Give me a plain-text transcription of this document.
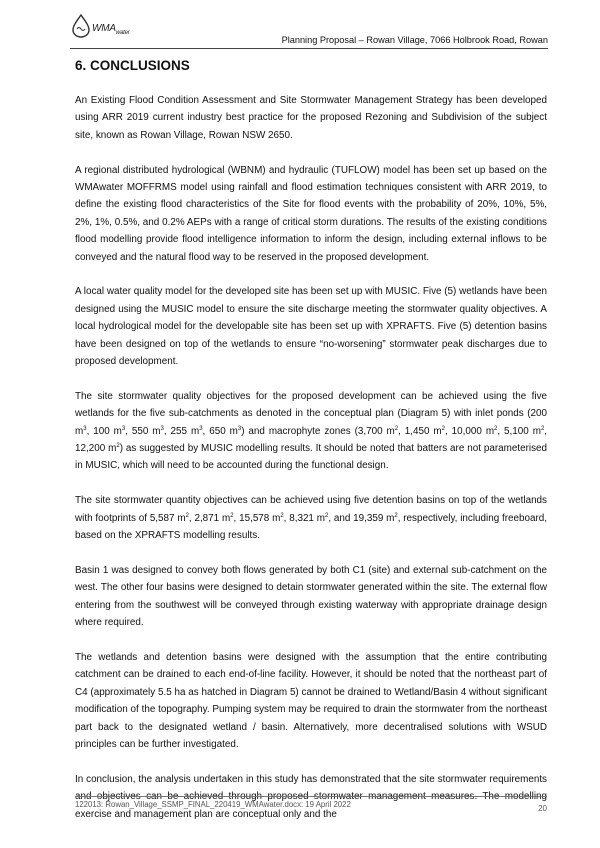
$WMA_{water}$
Planning Proposal – Rowan Village, 7066 Holbrook Road, Rowan
6. CONCLUSIONS

An Existing Flood Condition Assessment and Site Stormwater Management Strategy has been developed using ARR 2019 current industry best practice for the proposed Rezoning and Subdivision of the subject site, known as Rowan Village, Rowan NSW 2650.

A regional distributed hydrological (WBNM) and hydraulic (TUFLOW) model has been set up based on the WMAwater MOFFRMS model using rainfall and flood estimation techniques consistent with ARR 2019, to define the existing flood characteristics of the Site for flood events with the probability of 20%, 10%, 5%, 2%, 1%, 0.5%, and 0.2% AEPs with a range of critical storm durations. The results of the existing conditions flood modelling provide flood intelligence information to inform the design, including external inflows to be conveyed and the natural flood way to be reserved in the proposed development.

A local water quality model for the developed site has been set up with MUSIC. Five (5) wetlands have been designed using the MUSIC model to ensure the site discharge meeting the stormwater quality objectives. A local hydrological model for the developable site has been set up with XPRAFTS. Five (5) detention basins have been designed on top of the wetlands to ensure “no-worsening” stormwater peak discharges due to proposed development.

The site stormwater quality objectives for the proposed development can be achieved using the five wetlands for the five sub-catchments as denoted in the conceptual plan (Diagram 5) with inlet ponds (200 $m^3$, 100 $m^3$, 550 $m^3$, 255 $m^3$, 650 $m^3$) and macrophyte zones (3,700 $m^2$, 1,450 $m^2$, 10,000 $m^2$, 5,100 $m^2$, 12,200 $m^2$) as suggested by MUSIC modelling results. It should be noted that batters are not parameterised in MUSIC, which will need to be accounted during the functional design.

The site stormwater quantity objectives can be achieved using five detention basins on top of the wetlands with footprints of 5,587 $m^2$, 2,871 $m^2$, 15,578 $m^2$, 8,321 $m^2$, and 19,359 $m^2$, respectively, including freeboard, based on the XPRAFTS modelling results.

Basin 1 was designed to convey both flows generated by both C1 (site) and external sub-catchment on the west. The other four basins were designed to detain stormwater generated within the site. The external flow entering from the southwest will be conveyed through existing waterway with appropriate drainage design where required.

The wetlands and detention basins were designed with the assumption that the entire contributing catchment can be drained to each end-of-line facility. However, it should be noted that the northeast part of C4 (approximately 5.5 ha as hatched in Diagram 5) cannot be drained to Wetland/Basin 4 without significant modification of the topography. Pumping system may be required to drain the stormwater from the northeast part back to the designated wetland / basin. Alternatively, more decentralised solutions with WSUD principles can be further investigated.

In conclusion, the analysis undertaken in this study has demonstrated that the site stormwater requirements and objectives can be achieved through proposed stormwater management measures. The modelling exercise and management plan are conceptual only and the

122013: Rowan_Village_SSMP_FINAL_220419_WMAwater.docx: 19 April 2022	20
